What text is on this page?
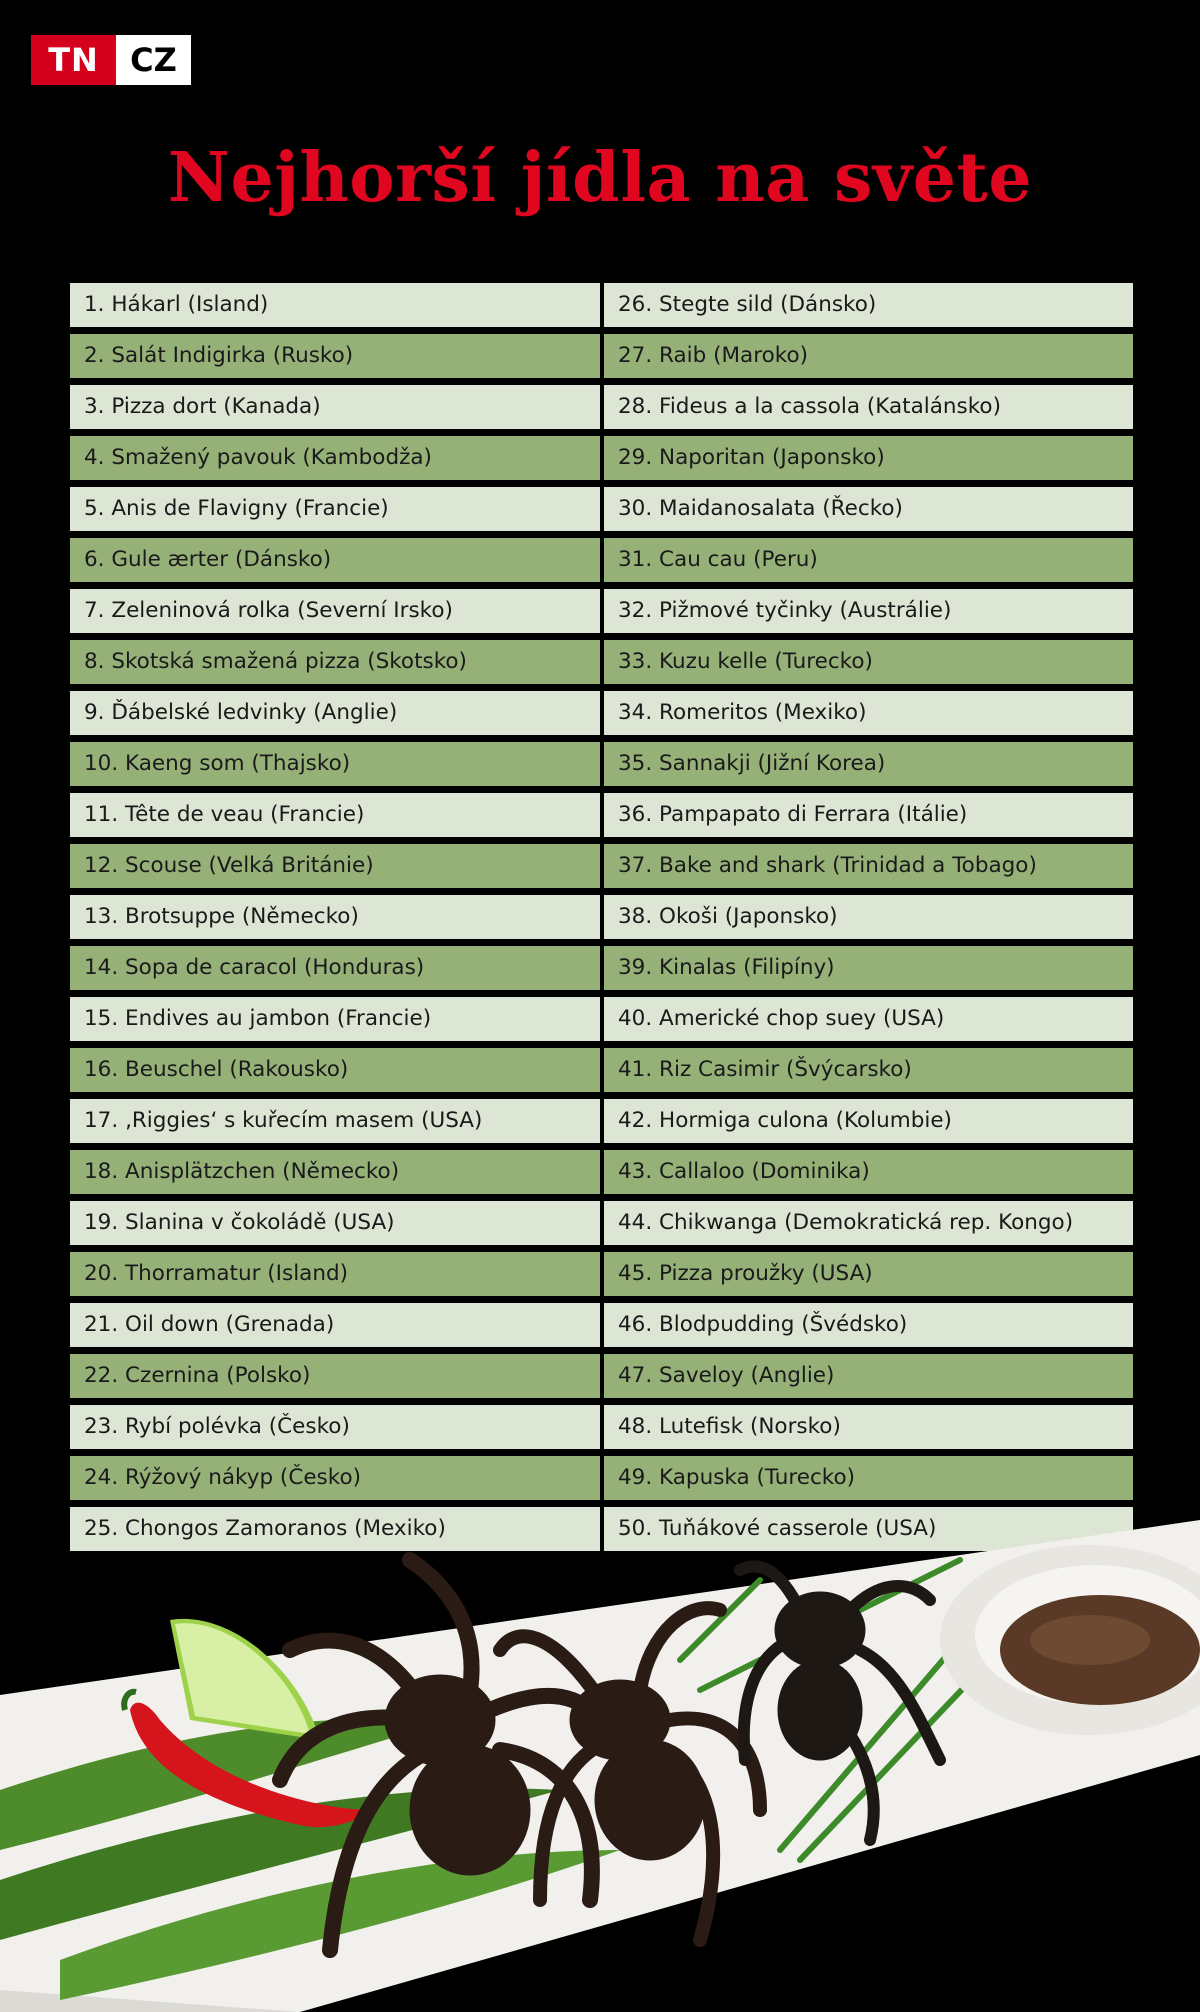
TN CZ
Nejhorší jídla na světe
1. Hákarl (Island)
2. Salát Indigirka (Rusko)
3. Pizza dort (Kanada)
4. Smažený pavouk (Kambodža)
5. Anis de Flavigny (Francie)
6. Gule ærter (Dánsko)
7. Zeleninová rolka (Severní Irsko)
8. Skotská smažená pizza (Skotsko)
9. Ďábelské ledvinky (Anglie)
10. Kaeng som (Thajsko)
11. Tête de veau (Francie)
12. Scouse (Velká Británie)
13. Brotsuppe (Německo)
14. Sopa de caracol (Honduras)
15. Endives au jambon (Francie)
16. Beuschel (Rakousko)
17. ‚Riggies‘ s kuřecím masem (USA)
18. Anisplätzchen (Německo)
19. Slanina v čokoládě (USA)
20. Thorramatur (Island)
21. Oil down (Grenada)
22. Czernina (Polsko)
23. Rybí polévka (Česko)
24. Rýžový nákyp (Česko)
25. Chongos Zamoranos (Mexiko)
26. Stegte sild (Dánsko)
27. Raib (Maroko)
28. Fideus a la cassola (Katalánsko)
29. Naporitan (Japonsko)
30. Maidanosalata (Řecko)
31. Cau cau (Peru)
32. Pižmové tyčinky (Austrálie)
33. Kuzu kelle (Turecko)
34. Romeritos (Mexiko)
35. Sannakji (Jižní Korea)
36. Pampapato di Ferrara (Itálie)
37. Bake and shark (Trinidad a Tobago)
38. Okoši (Japonsko)
39. Kinalas (Filipíny)
40. Americké chop suey (USA)
41. Riz Casimir (Švýcarsko)
42. Hormiga culona (Kolumbie)
43. Callaloo (Dominika)
44. Chikwanga (Demokratická rep. Kongo)
45. Pizza proužky (USA)
46. Blodpudding (Švédsko)
47. Saveloy (Anglie)
48. Lutefisk (Norsko)
49. Kapuska (Turecko)
50. Tuňákové casserole (USA)
